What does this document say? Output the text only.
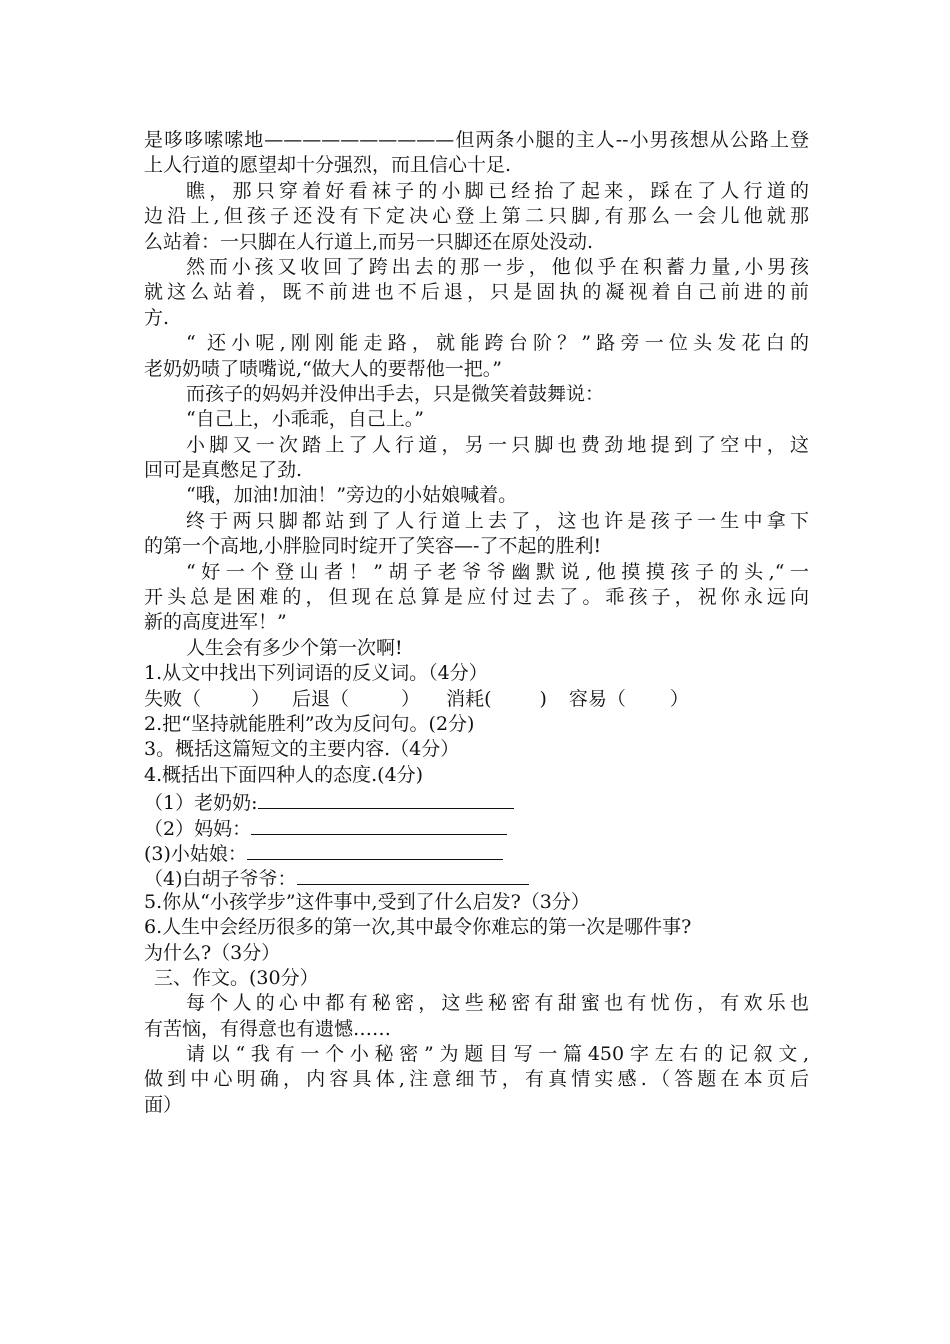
是哆哆嗦嗦地——————————但两条小腿的主人--小男孩想从公路上登
上人行道的愿望却十分强烈，而且信心十足.
瞧，那只穿着好看袜子的小脚已经抬了起来，踩在了人行道的
边沿上,但孩子还没有下定决心登上第二只脚,有那么一会儿他就那
么站着：一只脚在人行道上,而另一只脚还在原处没动.
然而小孩又收回了跨出去的那一步，他似乎在积蓄力量,小男孩
就这么站着，既不前进也不后退，只是固执的凝视着自己前进的前
方.
“ 还小呢,刚刚能走路，就能跨台阶？”路旁一位头发花白的
老奶奶啧了啧嘴说,“做大人的要帮他一把。”
而孩子的妈妈并没伸出手去，只是微笑着鼓舞说：
“自己上，小乖乖，自己上。”
小脚又一次踏上了人行道，另一只脚也费劲地提到了空中，这
回可是真憋足了劲.
“哦，加油!加油！”旁边的小姑娘喊着。
终于两只脚都站到了人行道上去了，这也许是孩子一生中拿下
的第一个高地,小胖脸同时绽开了笑容—-了不起的胜利!
“好一个登山者！”胡子老爷爷幽默说,他摸摸孩子的头,“一
开头总是困难的，但现在总算是应付过去了。乖孩子，祝你永远向
新的高度进军！”
人生会有多少个第一次啊!
1.从文中找出下列词语的反义词。（4分）
失败（	） 后退（	） 消耗(	) 容易（ ）
2.把“坚持就能胜利”改为反问句。(2分)
3。概括这篇短文的主要内容.（4分）
4.概括出下面四种人的态度.(4分)
（1）老奶奶:
（2）妈妈：
(3)小姑娘：
（4)白胡子爷爷：
5.你从“小孩学步”这件事中,受到了什么启发?（3分）
6.人生中会经历很多的第一次,其中最令你难忘的第一次是哪件事?
为什么?（3分）
三、作文。(30分）
每个人的心中都有秘密，这些秘密有甜蜜也有忧伤，有欢乐也
有苦恼，有得意也有遗憾……
请以“我有一个小秘密”为题目写一篇450字左右的记叙文,
做到中心明确，内容具体,注意细节，有真情实感.（答题在本页后
面）
